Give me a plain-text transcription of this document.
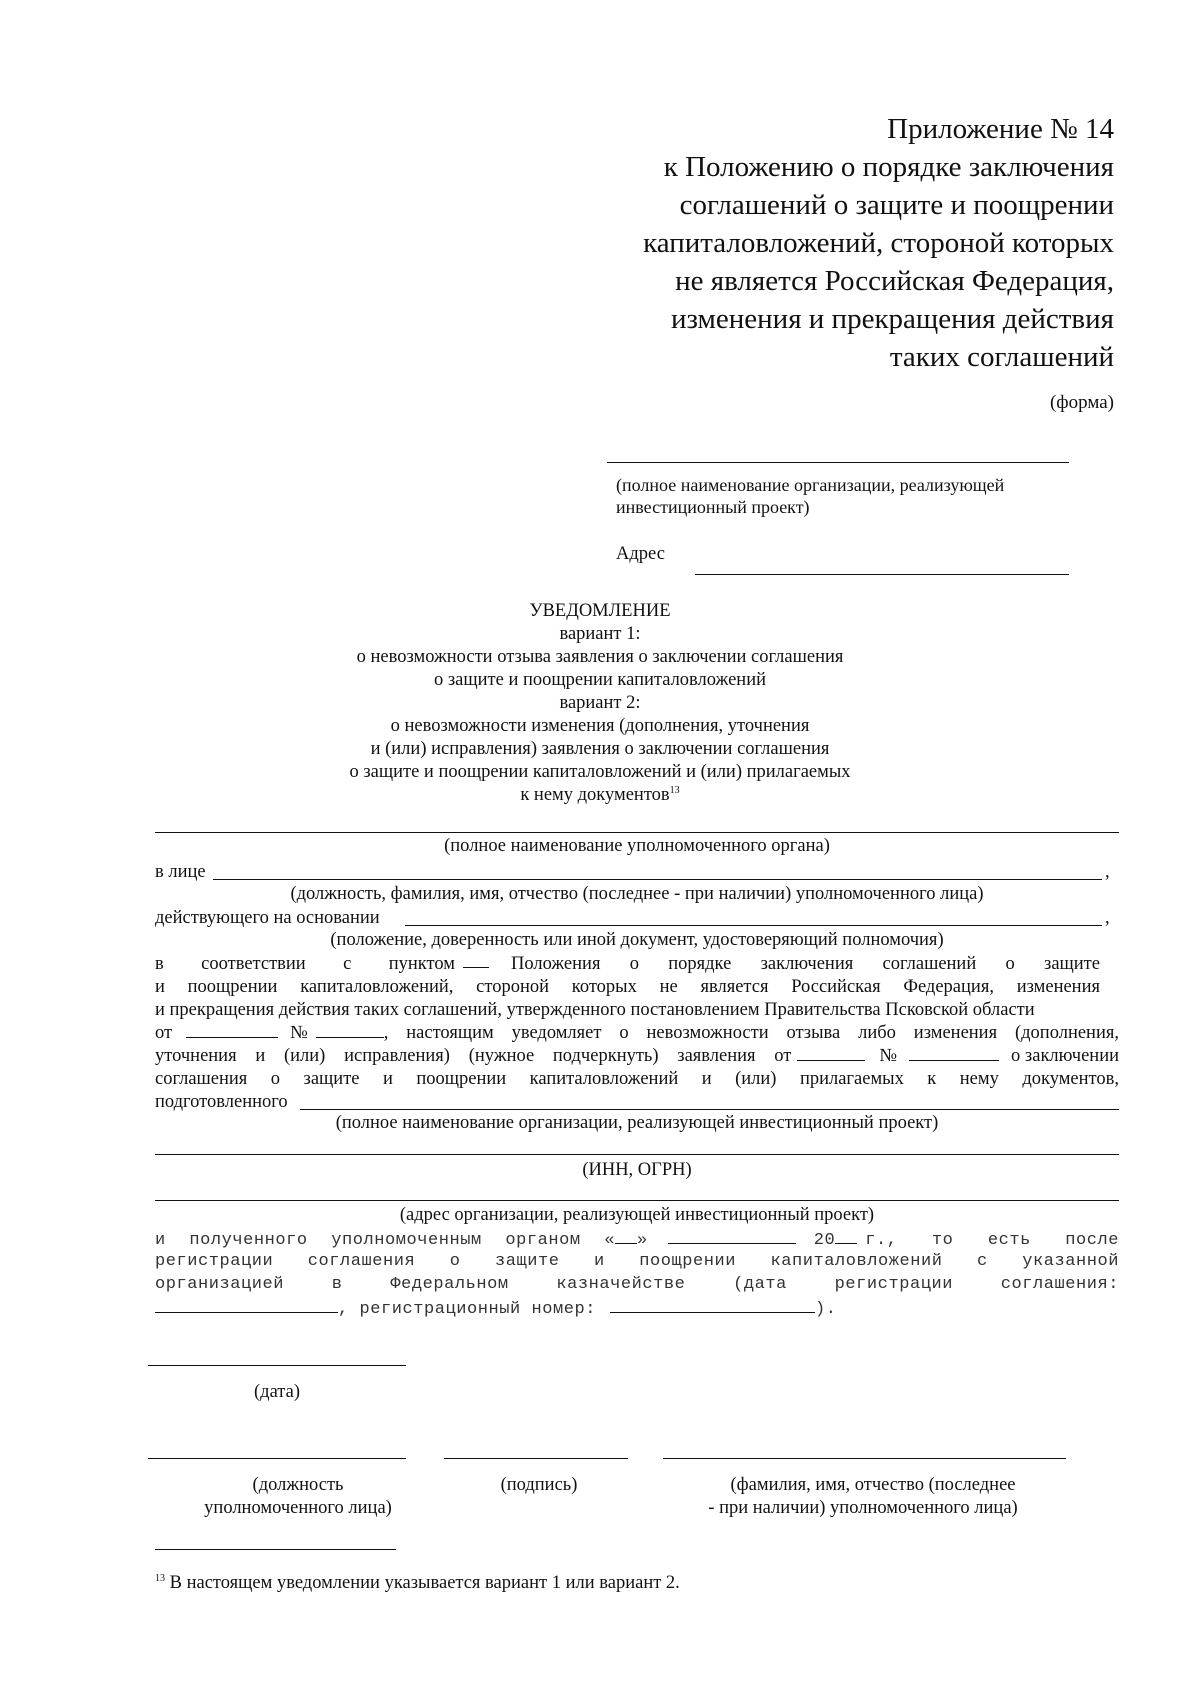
Приложение № 14
к Положению о порядке заключения
соглашений о защите и поощрении
капиталовложений, стороной которых
не является Российская Федерация,
изменения и прекращения действия
таких соглашений
(форма)
(полное наименование организации, реализующей
инвестиционный проект)
Адрес
УВЕДОМЛЕНИЕ
вариант 1:
о невозможности отзыва заявления о заключении соглашения
о защите и поощрении капиталовложений
вариант 2:
о невозможности изменения (дополнения, уточнения
и (или) исправления) заявления о заключении соглашения
о защите и поощрении капиталовложений и (или) прилагаемых
к нему документов$^{13}$
(полное наименование уполномоченного органа)
в лице	,
(должность, фамилия, имя, отчество (последнее - при наличии) уполномоченного лица)
действующего на основании	,
(положение, доверенность или иной документ, удостоверяющий полномочия)
в соответствии с пунктом	Положения о порядке заключения соглашений о защите
и поощрении капиталовложений, стороной которых не является Российская Федерация, изменения
и прекращения действия таких соглашений, утвержденного постановлением Правительства Псковской области
от	№	, настоящим уведомляет о невозможности отзыва либо изменения (дополнения,
уточнения и (или) исправления) (нужное подчеркнуть) заявления от	№	о заключении
соглашения о защите и поощрении капиталовложений и (или) прилагаемых к нему документов,
подготовленного
(полное наименование организации, реализующей инвестиционный проект)
(ИНН, ОГРН)
(адрес организации, реализующей инвестиционный проект)
и полученного уполномоченным органом « »	20 г., то есть после
регистрации соглашения о защите и поощрении капиталовложений с указанной
организацией в Федеральном казначействе (дата регистрации соглашения:
, регистрационный номер:	).
(дата)
(должность
уполномоченного лица)
(подпись)	(фамилия, имя, отчество (последнее
- при наличии) уполномоченного лица)
$^{13}$ В настоящем уведомлении указывается вариант 1 или вариант 2.
